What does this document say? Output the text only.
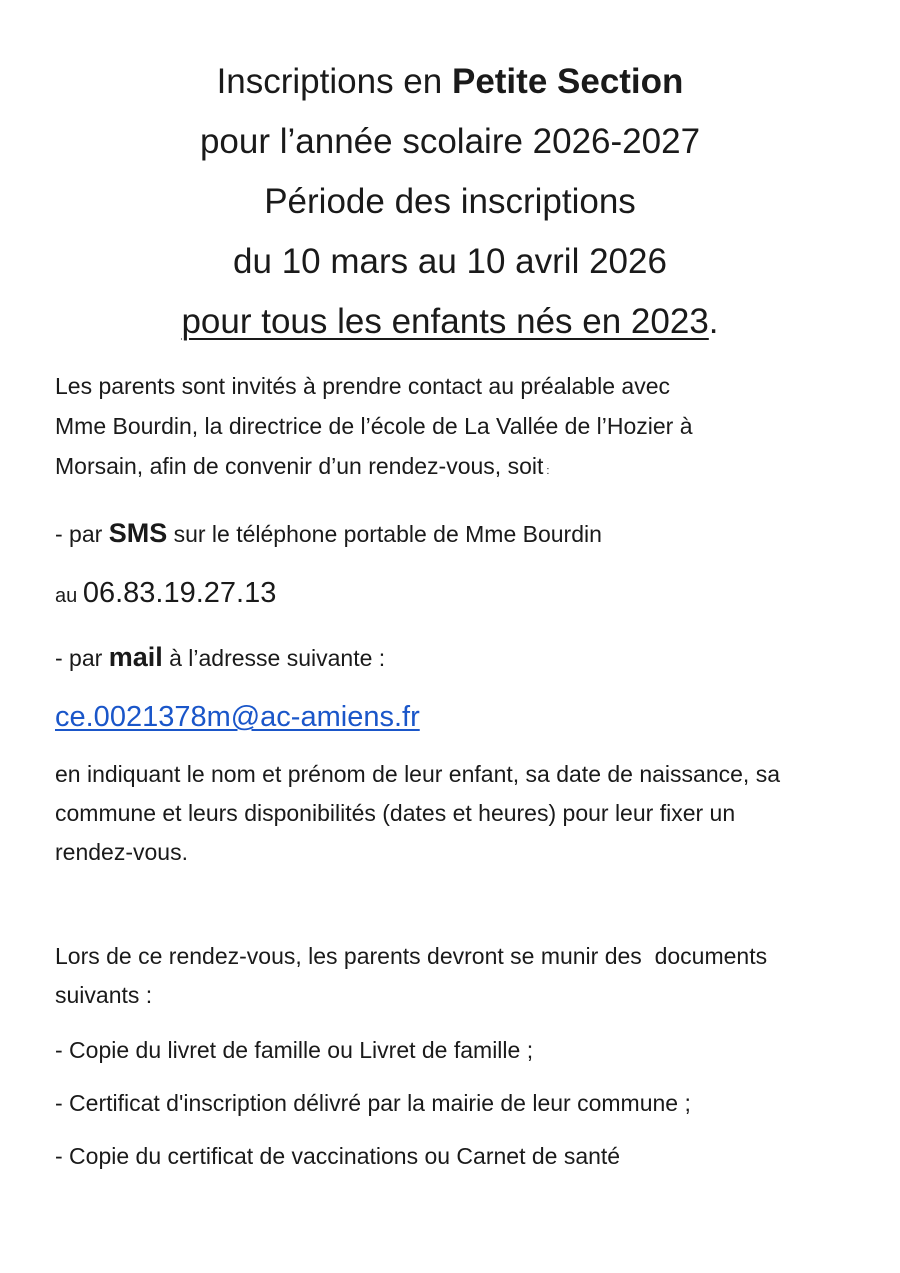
Inscriptions en Petite Section
pour l’année scolaire 2026-2027
Période des inscriptions
du 10 mars au 10 avril 2026
pour tous les enfants nés en 2023.
Les parents sont invités à prendre contact au préalable avec
Mme Bourdin, la directrice de l’école de La Vallée de l’Hozier à
Morsain, afin de convenir d’un rendez-vous, soit :
- par SMS sur le téléphone portable de Mme Bourdin
au 06.83.19.27.13
- par mail à l’adresse suivante :
ce.0021378m@ac-amiens.fr
en indiquant le nom et prénom de leur enfant, sa date de naissance, sa
commune et leurs disponibilités (dates et heures) pour leur fixer un
rendez-vous.
Lors de ce rendez-vous, les parents devront se munir des  documents
suivants :
- Copie du livret de famille ou Livret de famille ;
- Certificat d'inscription délivré par la mairie de leur commune ;
- Copie du certificat de vaccinations ou Carnet de santé
